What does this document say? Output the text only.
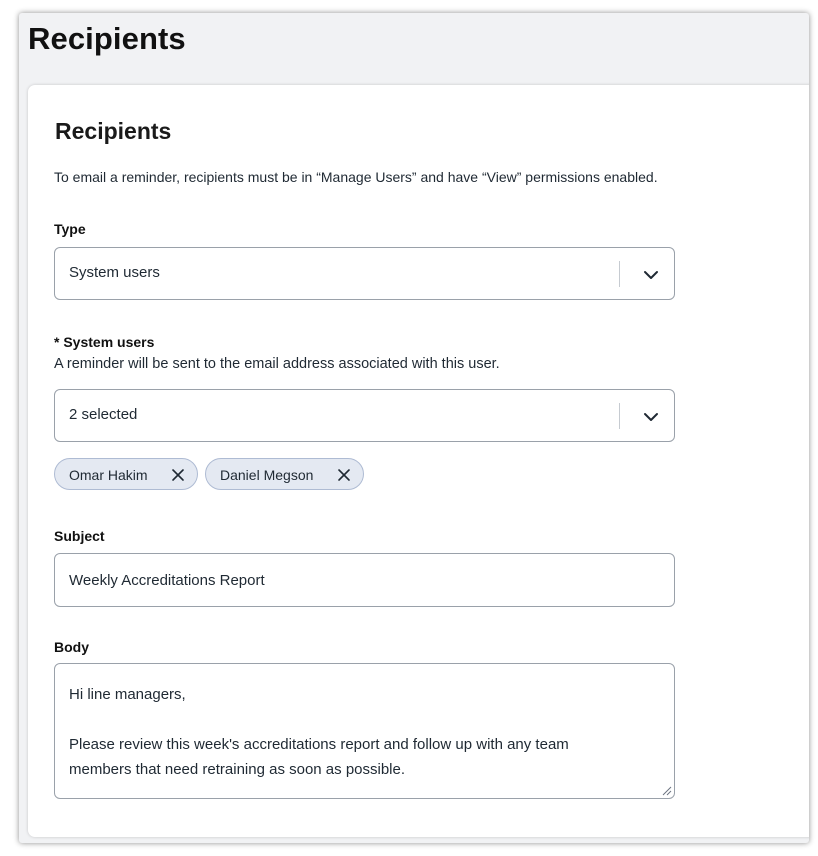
Recipients
Recipients
To email a reminder, recipients must be in “Manage Users” and have “View” permissions enabled.
Type
System users
* System users
A reminder will be sent to the email address associated with this user.
2 selected
Omar Hakim	Daniel Megson
Subject
Weekly Accreditations Report
Body
Hi line managers,
Please review this week's accreditations report and follow up with any team
members that need retraining as soon as possible.
